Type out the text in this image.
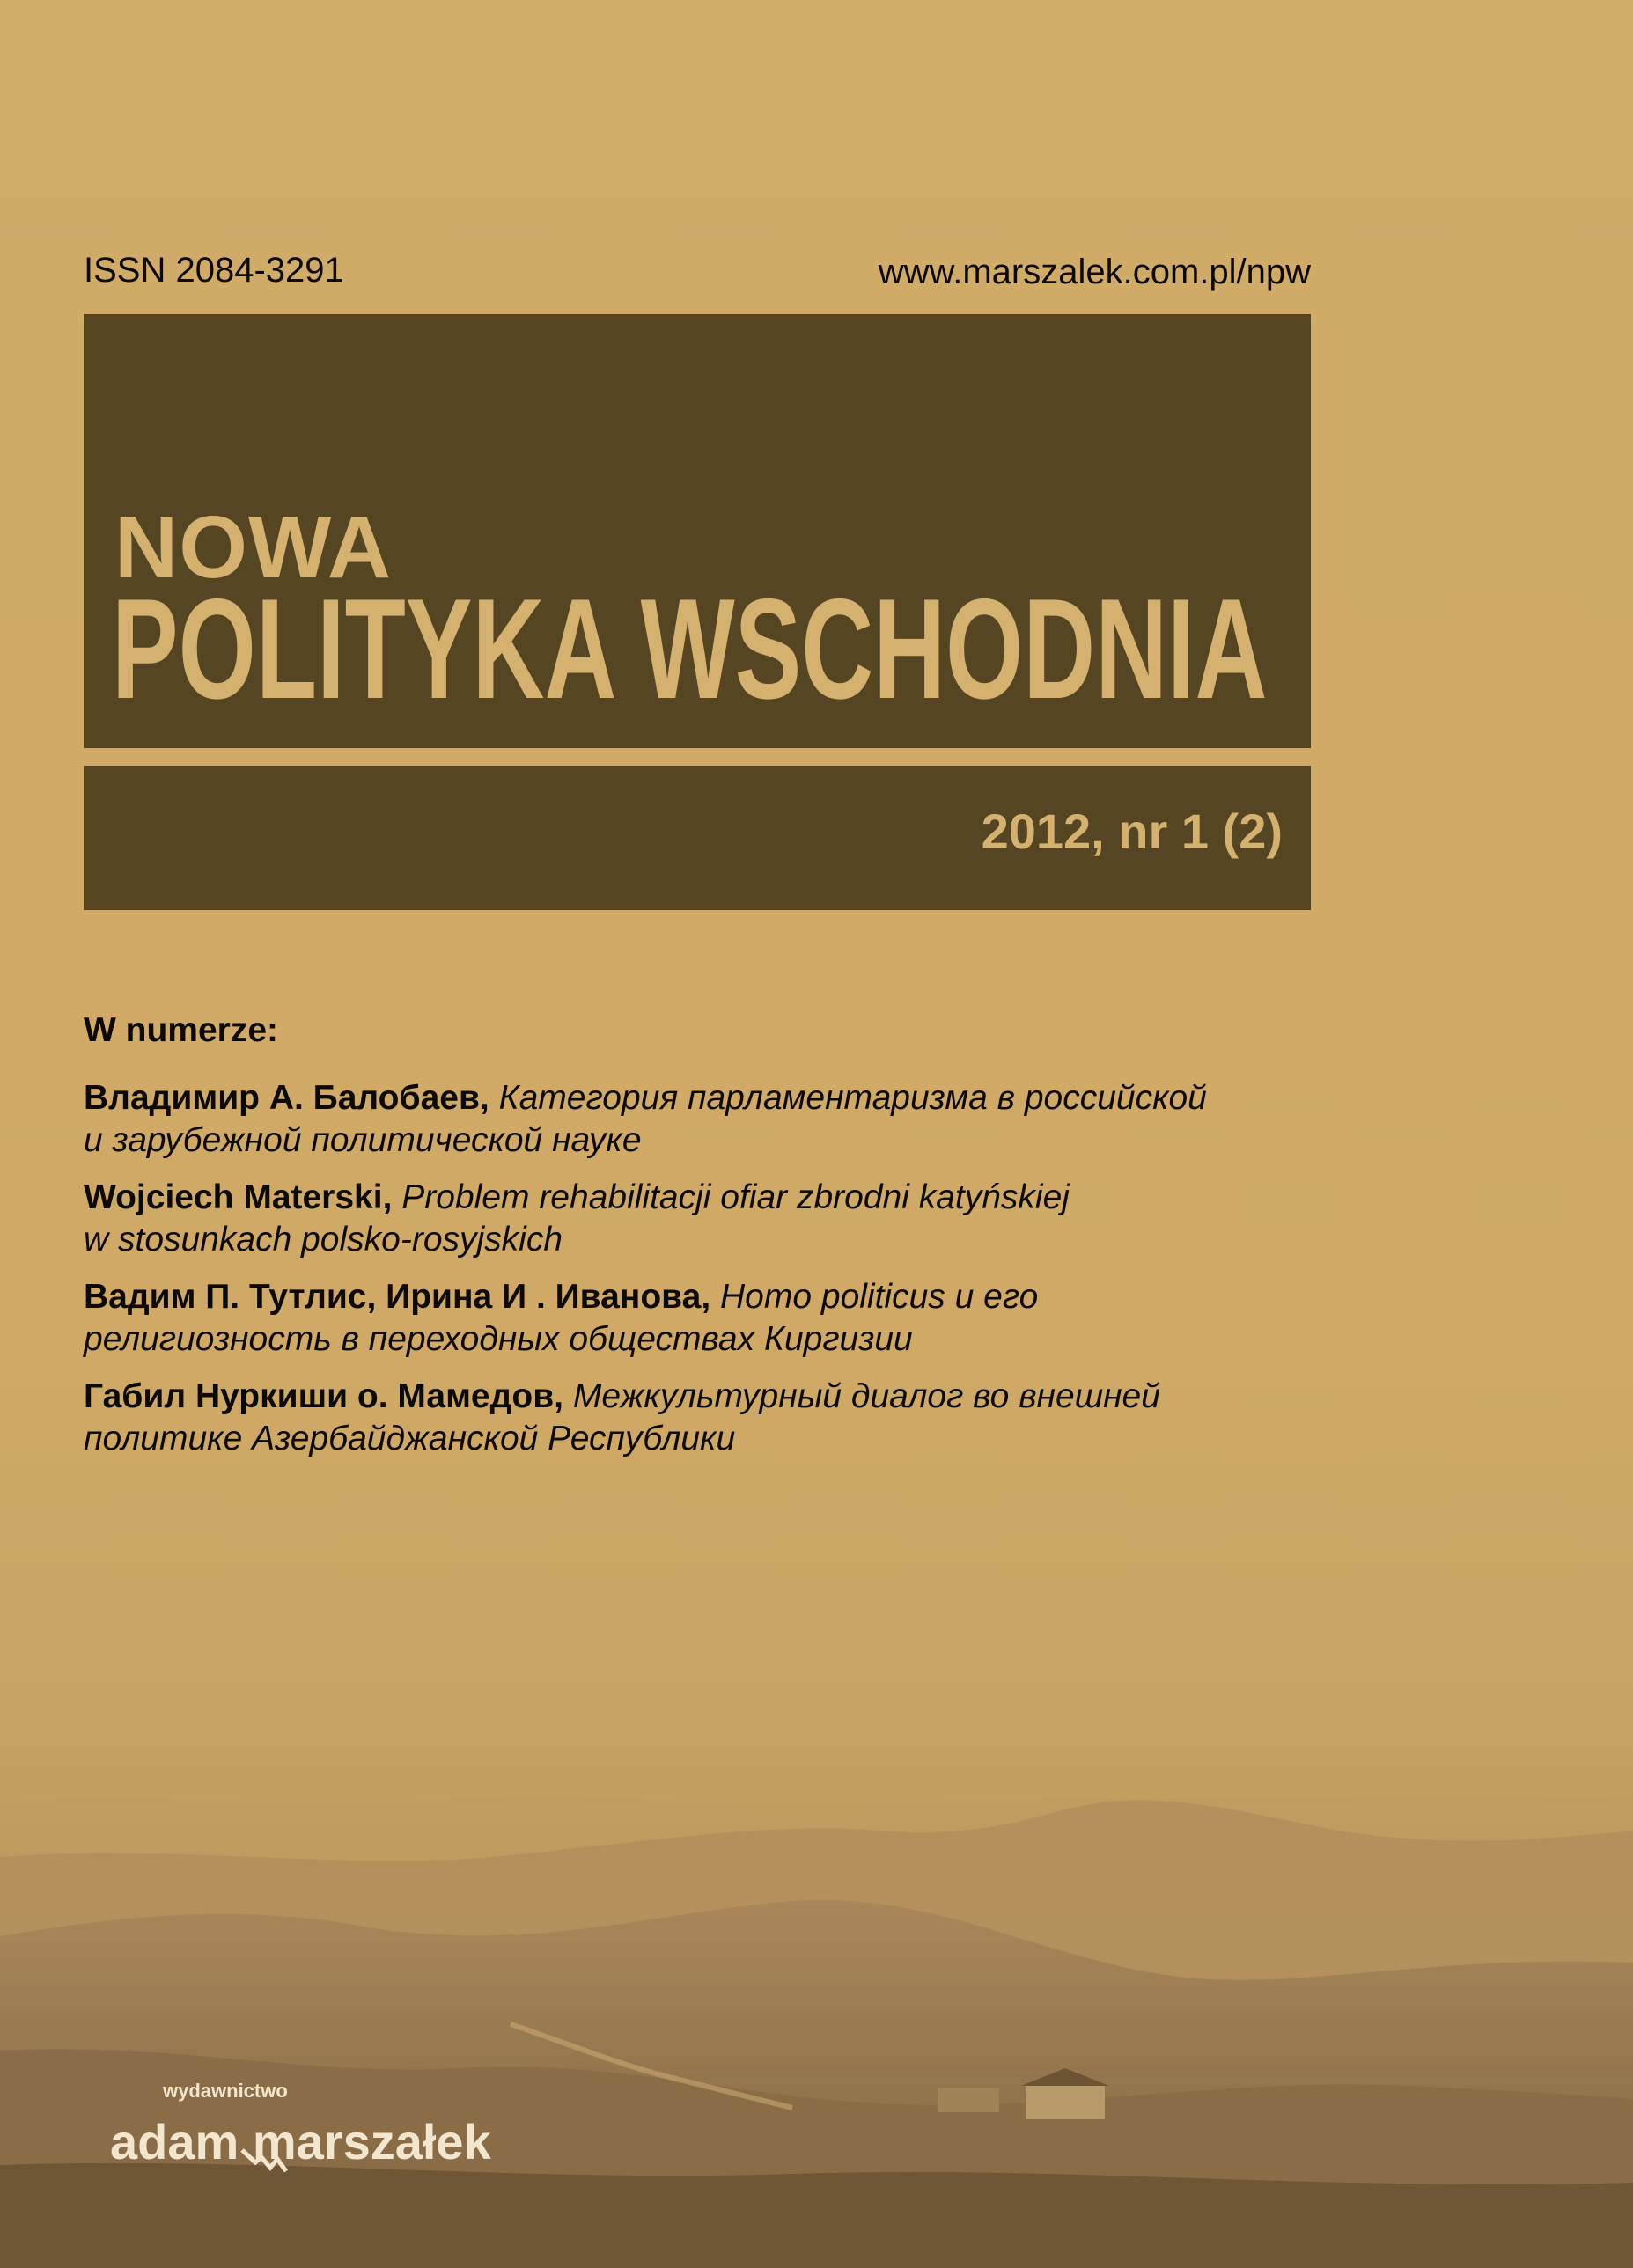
ISSN 2084-3291	www.marszalek.com.pl/npw
NOWA
POLITYKA WSCHODNIA
2012, nr 1 (2)
W numerze:
Владимир А. Балобаев, Категория парламентаризма в российской
и зарубежной политической науке
Wojciech Materski, Problem rehabilitacji ofiar zbrodni katyńskiej
w stosunkach polsko-rosyjskich
Вадим П. Тутлис, Ирина И . Иванова, Homo politicus и его
религиозность в переходных обществах Киргизии
Габил Нуркиши о. Мамедов, Межкультурный диалог во внешней
политике Азербайджанской Республики
wydawnictwo
adam marszałek
